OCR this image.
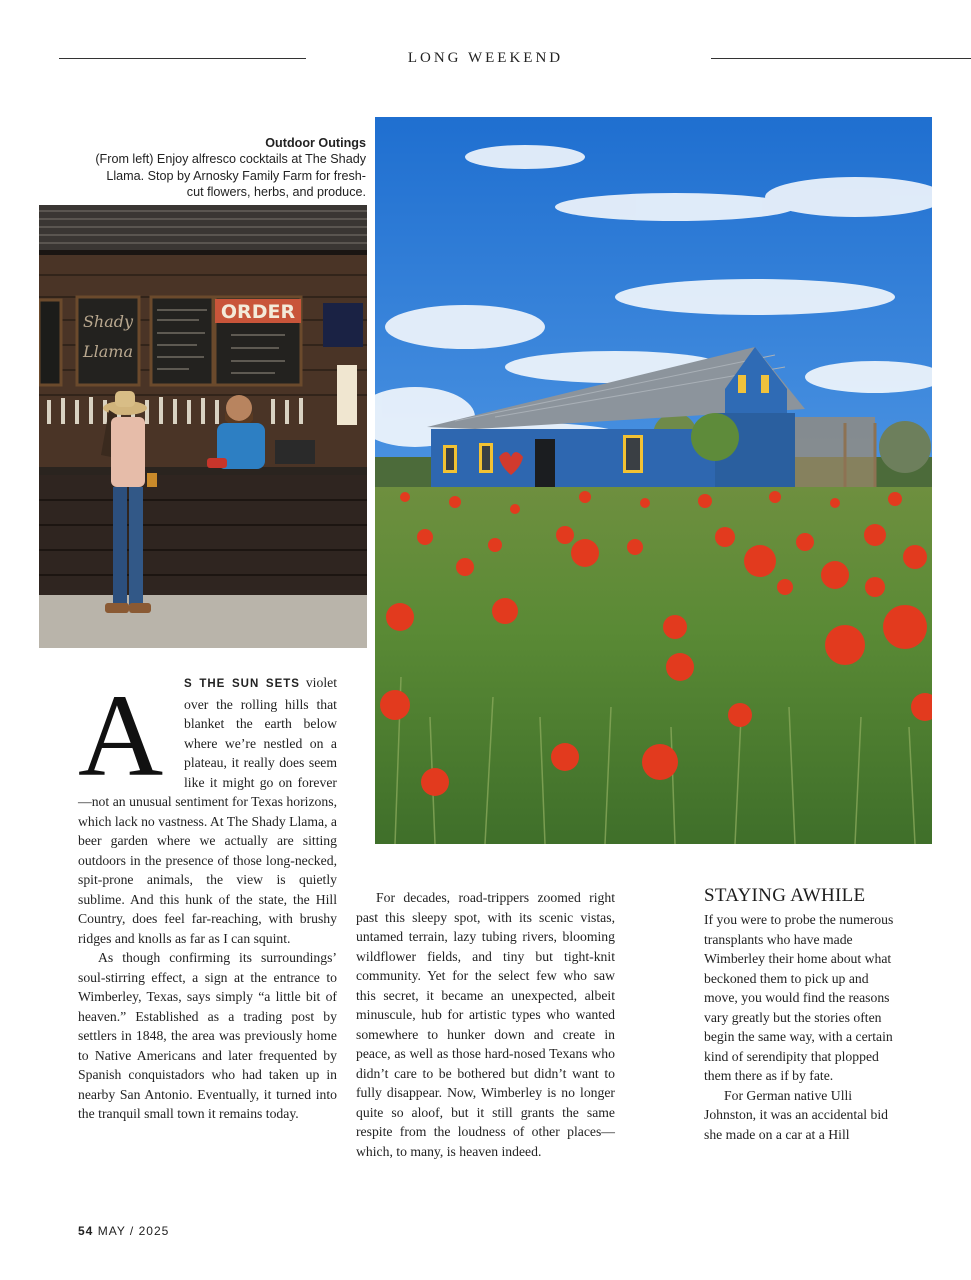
LONG WEEKEND
Outdoor Outings
(From left) Enjoy alfresco cocktails at The Shady Llama. Stop by Arnosky Family Farm for fresh-cut flowers, herbs, and produce.
Shady
Llama
ORDER

A	S THE SUN SETS violet over the rolling hills that blanket the earth below where we’re nestled on a plateau, it really does seem like it might go on forever—not an unusual sentiment for Texas horizons, which lack no vastness. At The Shady Llama, a beer garden where we actually are sitting outdoors in the presence of those long-necked, spit-prone animals, the view is quietly sublime. And this hunk of the state, the Hill Country, does feel far-reaching, with brushy ridges and knolls as far as I can squint.

As though confirming its surroundings’ soul-stirring effect, a sign at the entrance to Wimberley, Texas, says simply “a little bit of heaven.” Established as a trading post by settlers in 1848, the area was previously home to Native Americans and later frequented by Spanish conquistadors who had taken up in nearby San Antonio. Eventually, it turned into the tranquil small town it remains today.

For decades, road-trippers zoomed right past this sleepy spot, with its scenic vistas, untamed terrain, lazy tubing rivers, blooming wildflower fields, and tiny but tight-knit community. Yet for the select few who saw this secret, it became an unexpected, albeit minuscule, hub for artistic types who wanted somewhere to hunker down and create in peace, as well as those hard-nosed Texans who didn’t care to be bothered but didn’t want to fully disappear. Now, Wimberley is no longer quite so aloof, but it still grants the same respite from the loudness of other places—which, to many, is heaven indeed.

STAYING AWHILE

If you were to probe the numerous transplants who have made Wimberley their home about what beckoned them to pick up and move, you would find the reasons vary greatly but the stories often begin the same way, with a certain kind of serendipity that plopped them there as if by fate.

For German native Ulli Johnston, it was an accidental bid she made on a car at a Hill

54 MAY / 2025
